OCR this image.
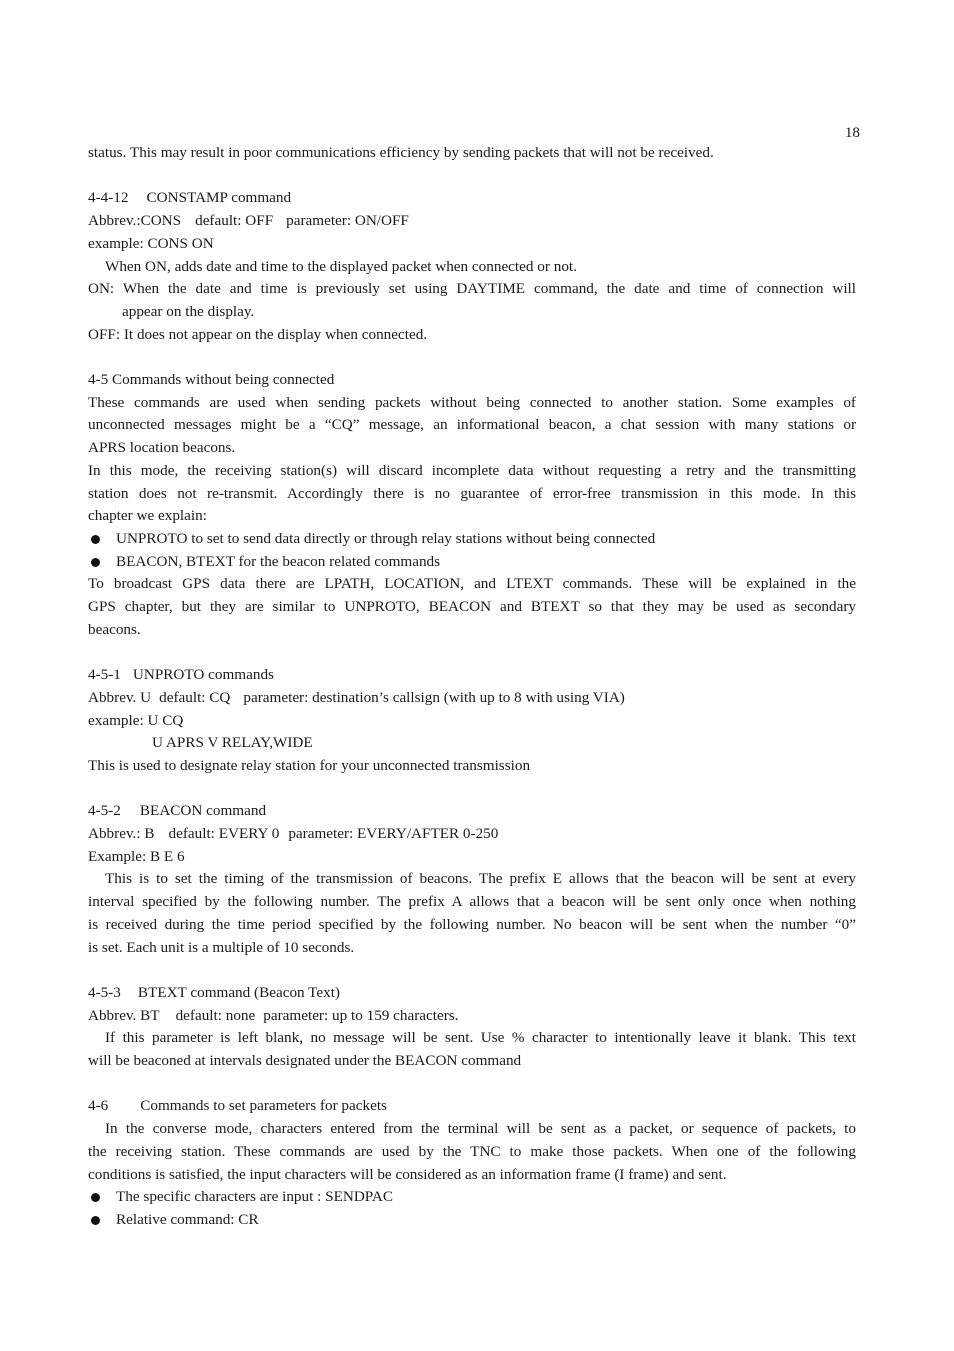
18
status. This may result in poor communications efficiency by sending packets that will not be received.
4-4-12 CONSTAMP command
Abbrev.:CONS default: OFF parameter: ON/OFF
example: CONS ON
When ON, adds date and time to the displayed packet when connected or not.
ON: When the date and time is previously set using DAYTIME command, the date and time of connection will
appear on the display.
OFF: It does not appear on the display when connected.
4-5 Commands without being connected
These commands are used when sending packets without being connected to another station. Some examples of
unconnected messages might be a “CQ” message, an informational beacon, a chat session with many stations or
APRS location beacons.
In this mode, the receiving station(s) will discard incomplete data without requesting a retry and the transmitting
station does not re-transmit. Accordingly there is no guarantee of error-free transmission in this mode. In this
chapter we explain:
UNPROTO to set to send data directly or through relay stations without being connected
BEACON, BTEXT for the beacon related commands
To broadcast GPS data there are LPATH, LOCATION, and LTEXT commands. These will be explained in the
GPS chapter, but they are similar to UNPROTO, BEACON and BTEXT so that they may be used as secondary
beacons.
4-5-1 UNPROTO commands
Abbrev. U default: CQ parameter: destination’s callsign (with up to 8 with using VIA)
example: U CQ
U APRS V RELAY,WIDE
This is used to designate relay station for your unconnected transmission
4-5-2 BEACON command
Abbrev.: B default: EVERY 0 parameter: EVERY/AFTER 0-250
Example: B E 6
This is to set the timing of the transmission of beacons. The prefix E allows that the beacon will be sent at every
interval specified by the following number. The prefix A allows that a beacon will be sent only once when nothing
is received during the time period specified by the following number. No beacon will be sent when the number “0”
is set. Each unit is a multiple of 10 seconds.
4-5-3 BTEXT command (Beacon Text)
Abbrev. BT default: none parameter: up to 159 characters.
If this parameter is left blank, no message will be sent. Use % character to intentionally leave it blank. This text
will be beaconed at intervals designated under the BEACON command
4-6 Commands to set parameters for packets
In the converse mode, characters entered from the terminal will be sent as a packet, or sequence of packets, to
the receiving station. These commands are used by the TNC to make those packets. When one of the following
conditions is satisfied, the input characters will be considered as an information frame (I frame) and sent.
The specific characters are input : SENDPAC
Relative command: CR
